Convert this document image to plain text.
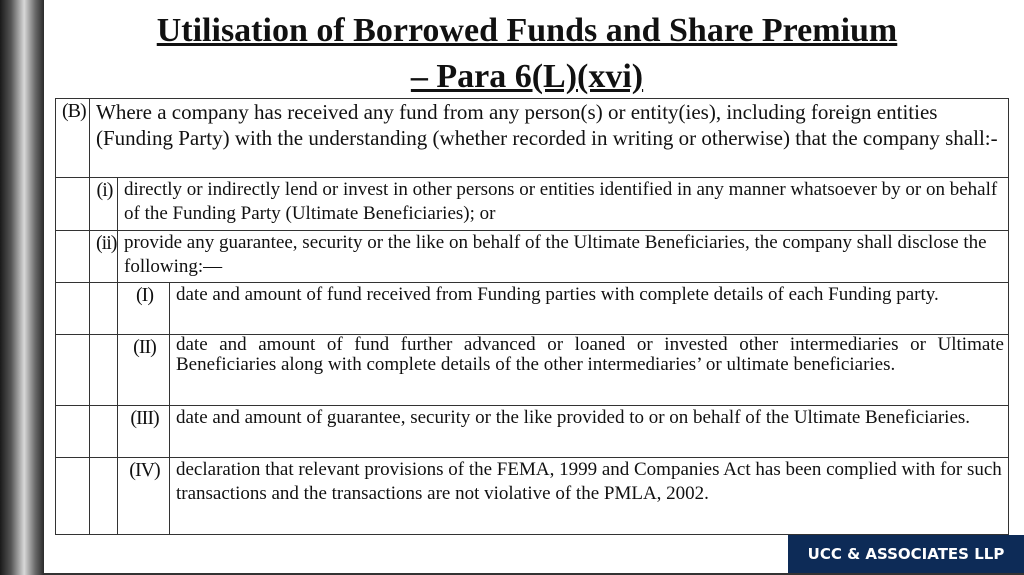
Utilisation of Borrowed Funds and Share Premium
– Para 6(L)(xvi)
(B)	Where a company has received any fund from any person(s) or entity(ies), including foreign entities (Funding Party) with the understanding (whether recorded in writing or otherwise) that the company shall:-		
	(i)	directly or indirectly lend or invest in other persons or entities identified in any manner whatsoever by or on behalf of the Funding Party (Ultimate Beneficiaries); or	
	(ii)	provide any guarantee, security or the like on behalf of the Ultimate Beneficiaries, the company shall disclose the following:—	
		(I)	date and amount of fund received from Funding parties with complete details of each Funding party.
		(II)	date and amount of fund further advanced or loaned or invested other intermediaries or Ultimate Beneficiaries along with complete details of the other intermediaries’ or ultimate beneficiaries.
		(III)	date and amount of guarantee, security or the like provided to or on behalf of the Ultimate Beneficiaries.
		(IV)	declaration that relevant provisions of the FEMA, 1999 and Companies Act has been complied with for such transactions and the transactions are not violative of the PMLA, 2002.
UCC & ASSOCIATES LLP
